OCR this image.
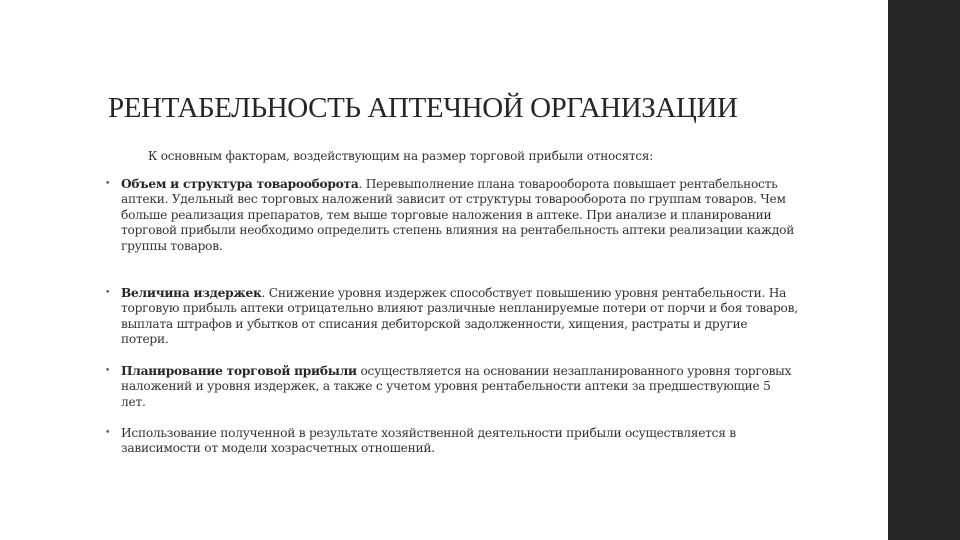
РЕНТАБЕЛЬНОСТЬ АПТЕЧНОЙ ОРГАНИЗАЦИИ
К основным факторам, воздействующим на размер торговой прибыли относятся:
• Объем и структура товарооборота. Перевыполнение плана товарооборота повышает рентабельность аптеки. Удельный вес торговых наложений зависит от структуры товарооборота по группам товаров. Чем больше реализация препаратов, тем выше торговые наложения в аптеке. При анализе и планировании торговой прибыли необходимо определить степень влияния на рентабельность аптеки реализации каждой группы товаров.
• Величина издержек. Снижение уровня издержек способствует повышению уровня рентабельности. На торговую прибыль аптеки отрицательно влияют различные непланируемые потери от порчи и боя товаров, выплата штрафов и убытков от списания дебиторской задолженности, хищения, растраты и другие потери.
• Планирование торговой прибыли осуществляется на основании незапланированного уровня торговых наложений и уровня издержек, а также с учетом уровня рентабельности аптеки за предшествующие 5 лет.
• Использование полученной в результате хозяйственной деятельности прибыли осуществляется в зависимости от модели хозрасчетных отношений.
